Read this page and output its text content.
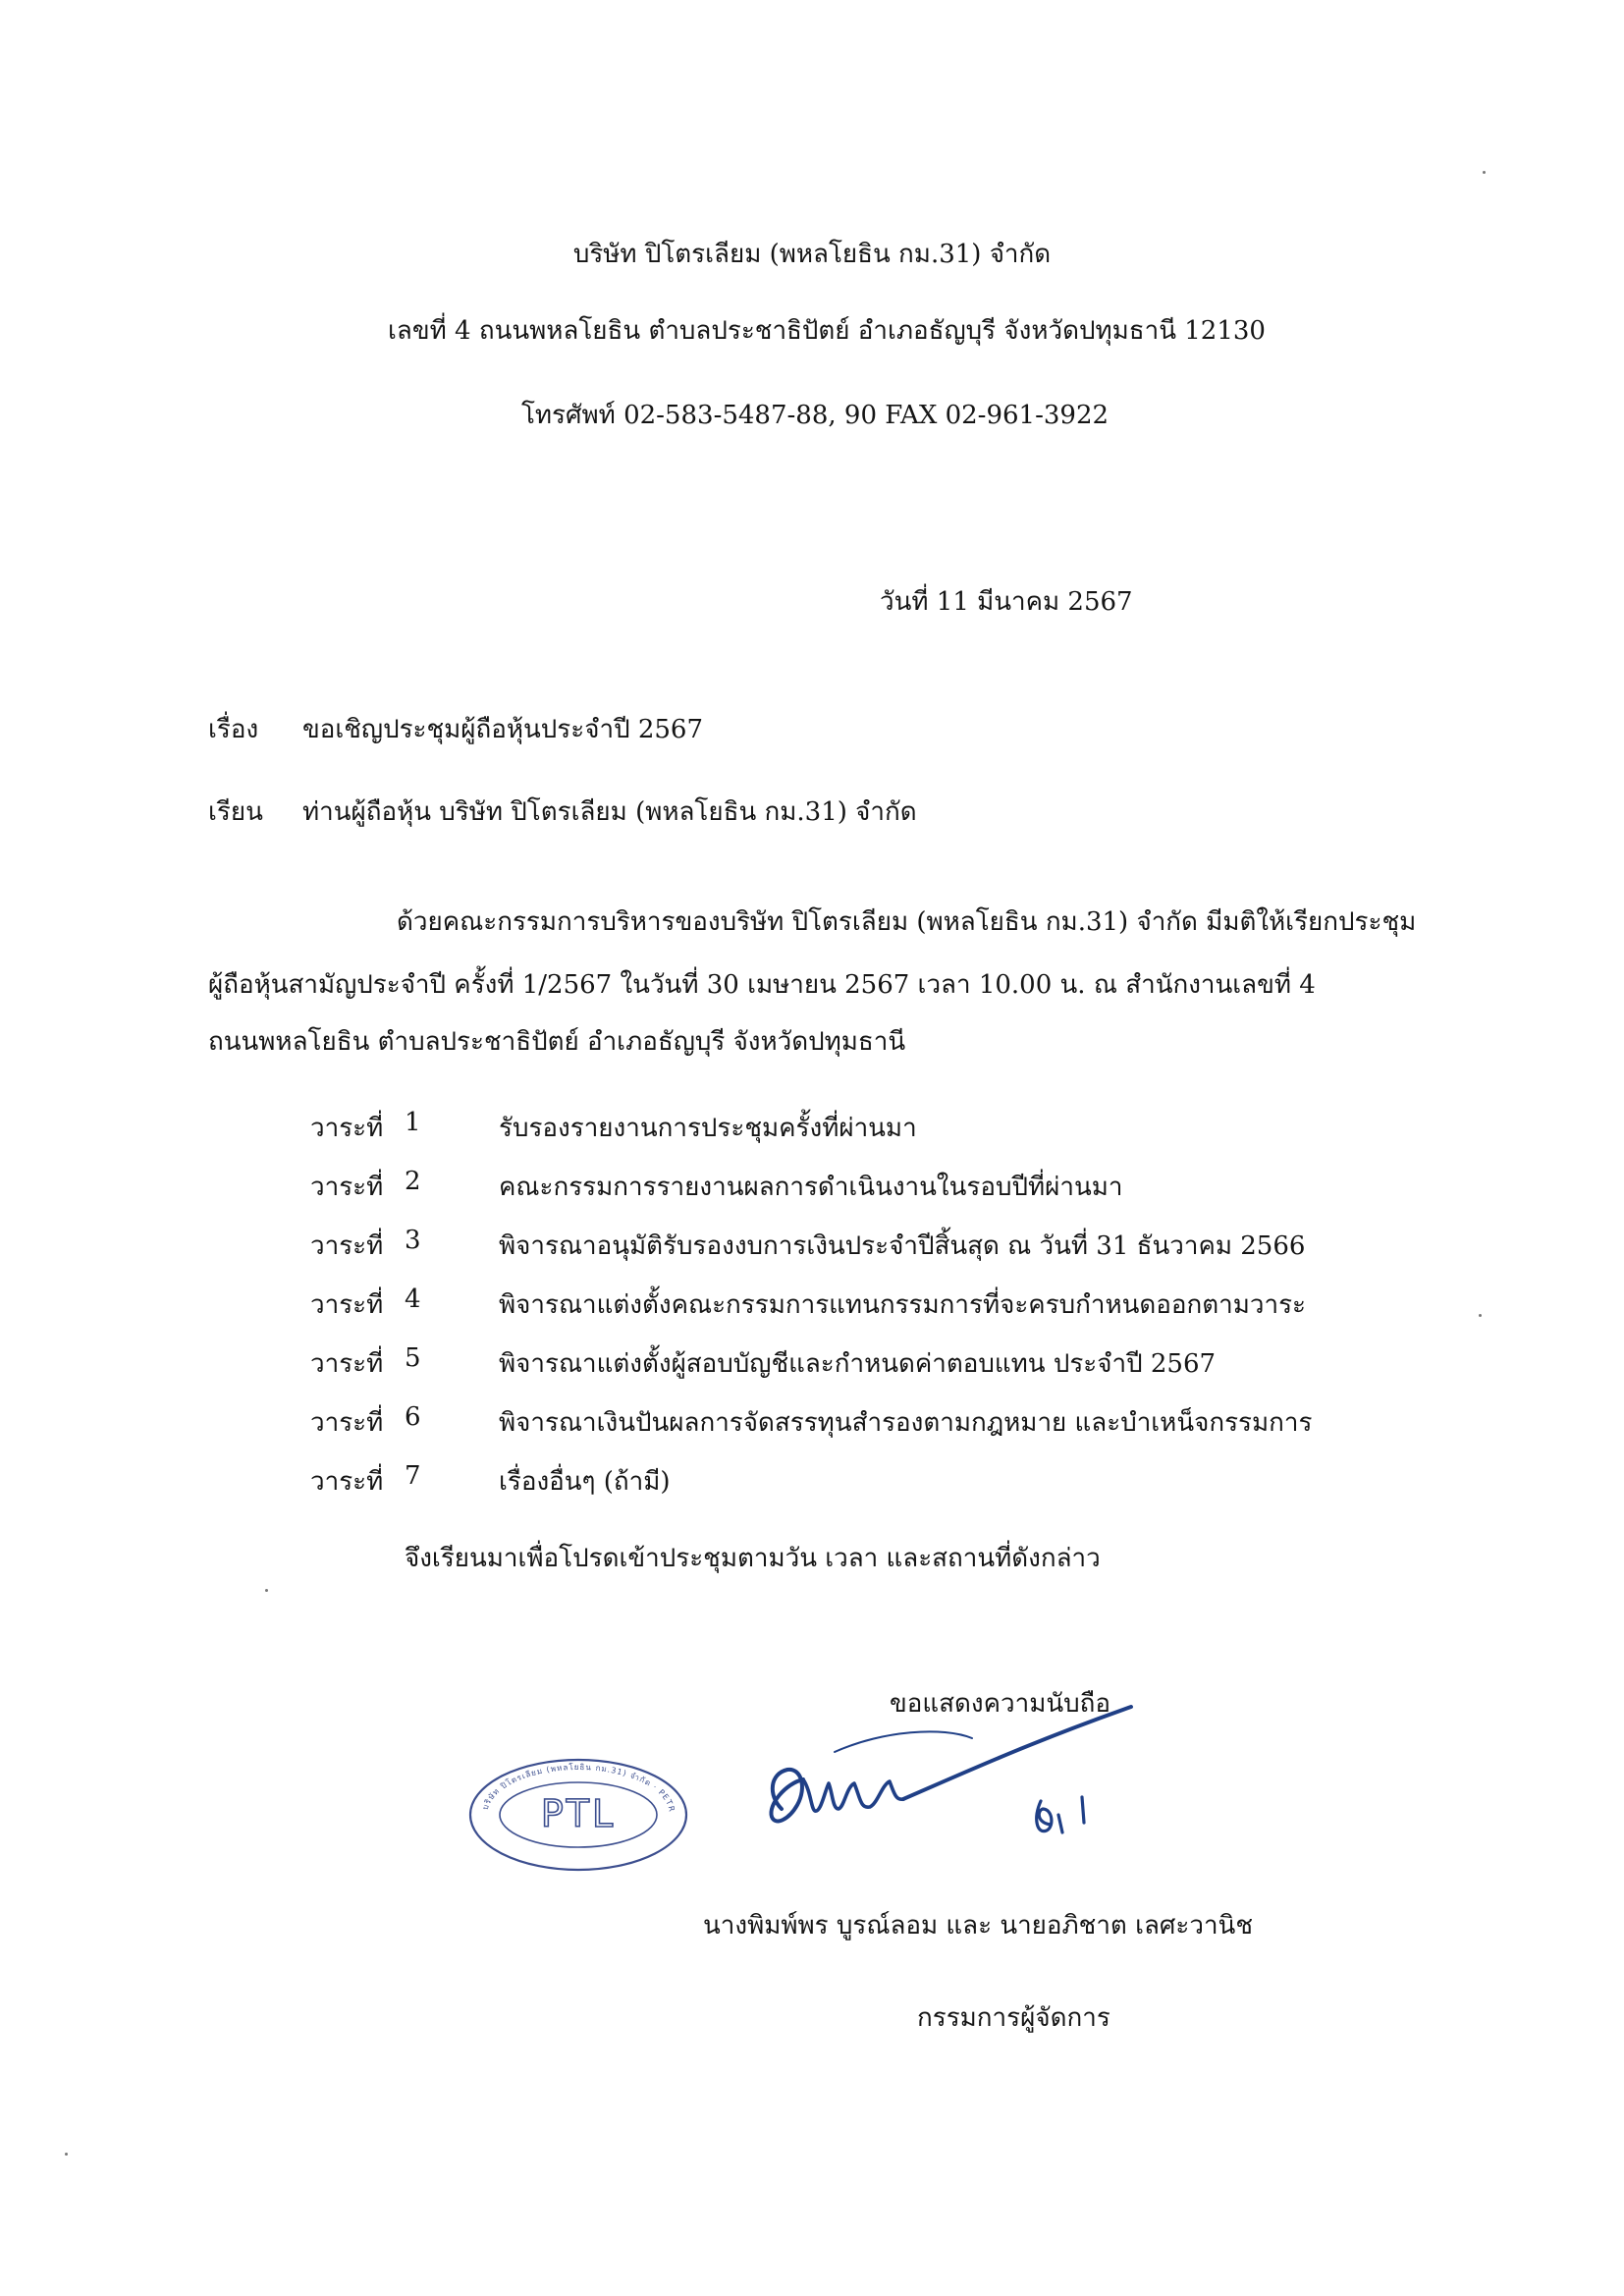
บริษัท ปิโตรเลียม (พหลโยธิน กม.31) จำกัด
เลขที่ 4 ถนนพหลโยธิน ตำบลประชาธิปัตย์ อำเภอธัญบุรี จังหวัดปทุมธานี 12130
โทรศัพท์ 02-583-5487-88, 90 FAX 02-961-3922
วันที่ 11 มีนาคม 2567
เรื่อง ขอเชิญประชุมผู้ถือหุ้นประจำปี 2567
เรียน ท่านผู้ถือหุ้น บริษัท ปิโตรเลียม (พหลโยธิน กม.31) จำกัด
ด้วยคณะกรรมการบริหารของบริษัท ปิโตรเลียม (พหลโยธิน กม.31) จำกัด มีมติให้เรียกประชุม
ผู้ถือหุ้นสามัญประจำปี ครั้งที่ 1/2567 ในวันที่ 30 เมษายน 2567 เวลา 10.00 น. ณ สำนักงานเลขที่ 4
ถนนพหลโยธิน ตำบลประชาธิปัตย์ อำเภอธัญบุรี จังหวัดปทุมธานี
วาระที่ 1	รับรองรายงานการประชุมครั้งที่ผ่านมา
วาระที่ 2	คณะกรรมการรายงานผลการดำเนินงานในรอบปีที่ผ่านมา
วาระที่ 3	พิจารณาอนุมัติรับรองงบการเงินประจำปีสิ้นสุด ณ วันที่ 31 ธันวาคม 2566
วาระที่ 4	พิจารณาแต่งตั้งคณะกรรมการแทนกรรมการที่จะครบกำหนดออกตามวาระ
วาระที่ 5	พิจารณาแต่งตั้งผู้สอบบัญชีและกำหนดค่าตอบแทน ประจำปี 2567
วาระที่ 6	พิจารณาเงินปันผลการจัดสรรทุนสำรองตามกฎหมาย และบำเหน็จกรรมการ
วาระที่ 7	เรื่องอื่นๆ (ถ้ามี)
จึงเรียนมาเพื่อโปรดเข้าประชุมตามวัน เวลา และสถานที่ดังกล่าว
ขอแสดงความนับถือ
บริษัท ปิโตรเลียม (พหลโยธิน กม.31) จำกัด · PETR
PTL
นางพิมพ์พร บูรณ์ลอม และ นายอภิชาต เลศะวานิช
กรรมการผู้จัดการ
